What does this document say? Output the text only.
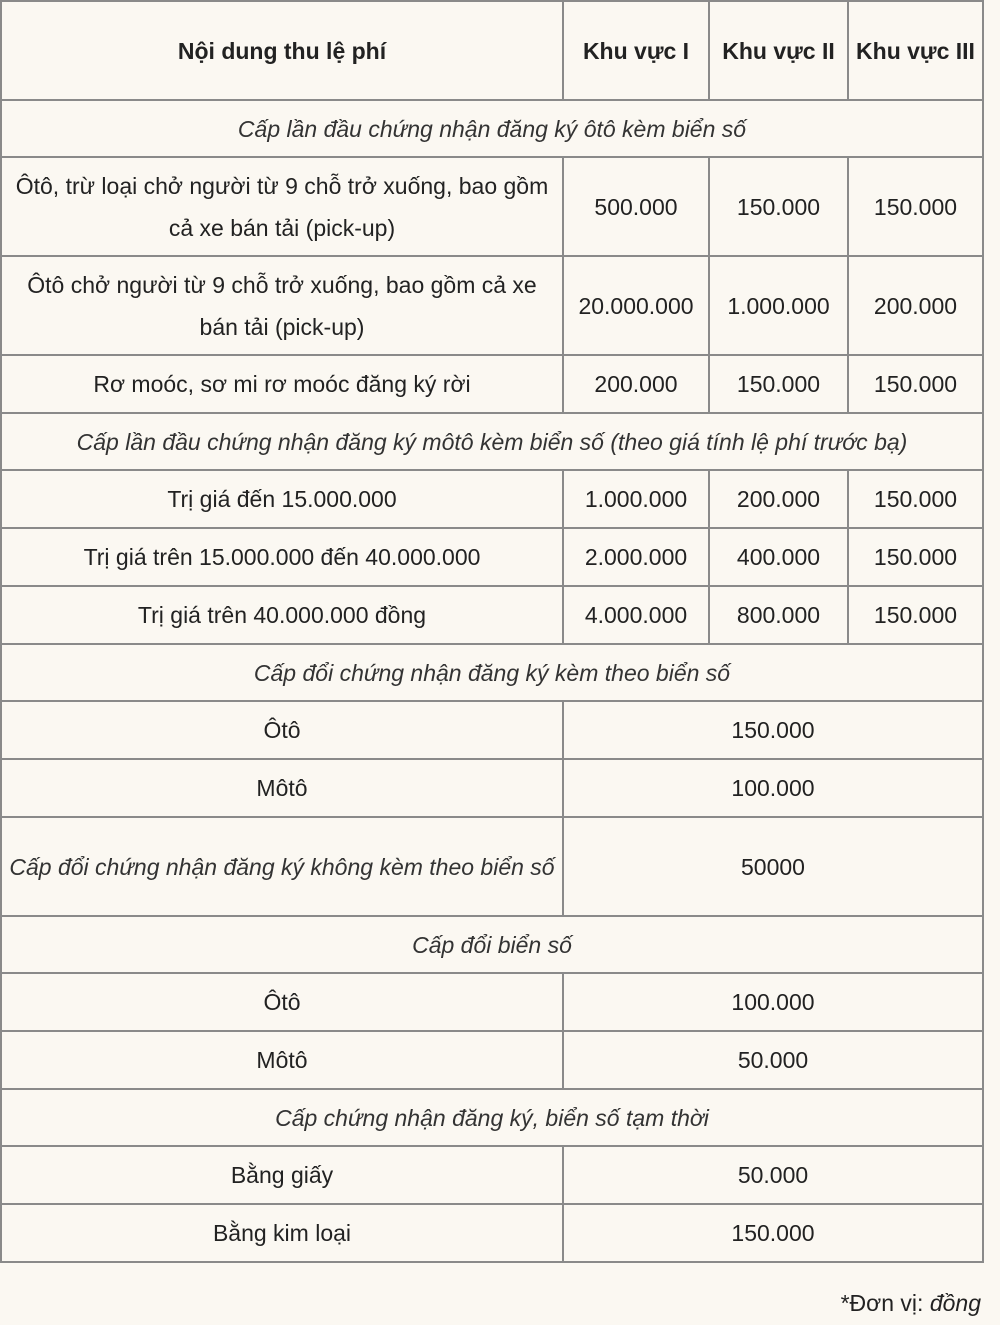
Nội dung thu lệ phí	Khu vực I	Khu vực II	Khu vực III
Cấp lần đầu chứng nhận đăng ký ôtô kèm biển số			
Ôtô, trừ loại chở người từ 9 chỗ trở xuống, bao gồm cả xe bán tải (pick-up)	500.000	150.000	150.000
Ôtô chở người từ 9 chỗ trở xuống, bao gồm cả xe bán tải (pick-up)	20.000.000	1.000.000	200.000
Rơ moóc, sơ mi rơ moóc đăng ký rời	200.000	150.000	150.000
Cấp lần đầu chứng nhận đăng ký môtô kèm biển số (theo giá tính lệ phí trước bạ)			
Trị giá đến 15.000.000	1.000.000	200.000	150.000
Trị giá trên 15.000.000 đến 40.000.000	2.000.000	400.000	150.000
Trị giá trên 40.000.000 đồng	4.000.000	800.000	150.000
Cấp đổi chứng nhận đăng ký kèm theo biển số			
Ôtô	150.000		
Môtô	100.000		
Cấp đổi chứng nhận đăng ký không kèm theo biển số	50000		
Cấp đổi biển số			
Ôtô	100.000		
Môtô	50.000		
Cấp chứng nhận đăng ký, biển số tạm thời			
Bằng giấy	50.000		
Bằng kim loại	150.000		
*Đơn vị: đồng
